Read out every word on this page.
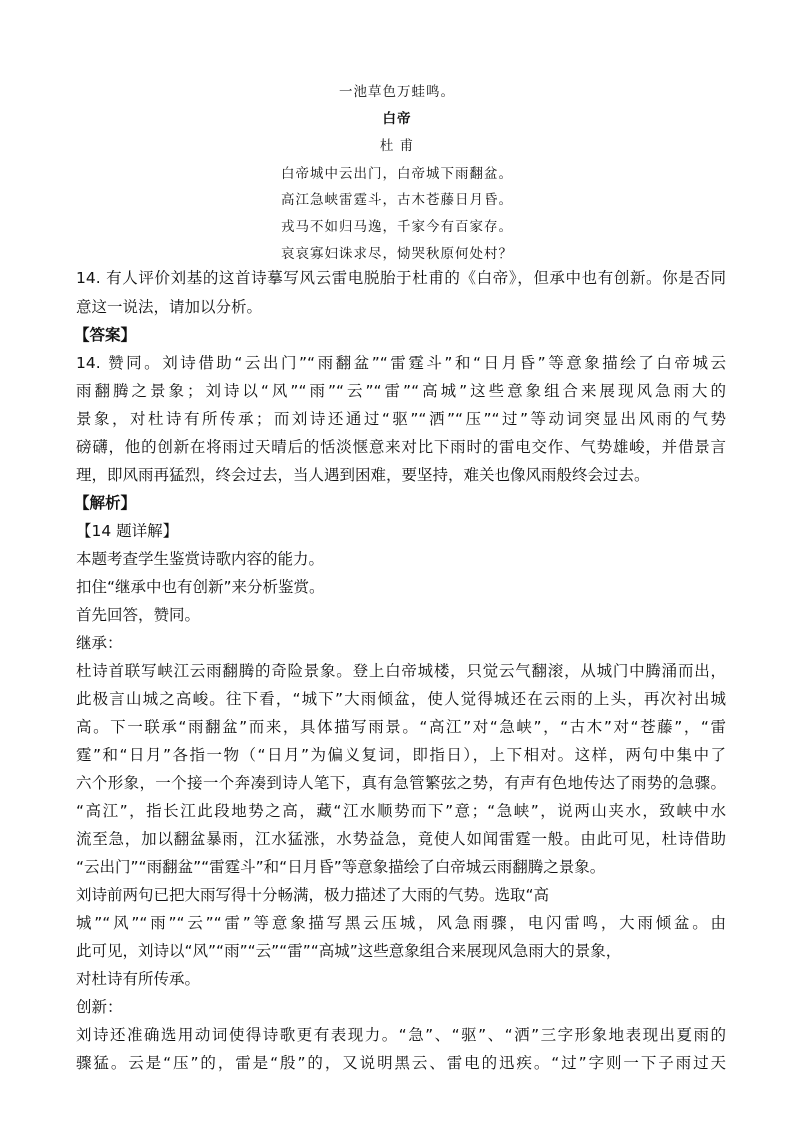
一池草色万蛙鸣。
白帝
杜 甫
白帝城中云出门，白帝城下雨翻盆。
高江急峡雷霆斗，古木苍藤日月昏。
戎马不如归马逸，千家今有百家存。
哀哀寡妇诛求尽，恸哭秋原何处村？
14. 有人评价刘基的这首诗摹写风云雷电脱胎于杜甫的《白帝》，但承中也有创新。你是否同
意这一说法，请加以分析。
【答案】
14. 赞同。刘诗借助“云出门”“雨翻盆”“雷霆斗”和“日月昏”等意象描绘了白帝城云
雨翻腾之景象；刘诗以“风”“雨”“云”“雷”“高城”这些意象组合来展现风急雨大的
景象，对杜诗有所传承；而刘诗还通过“驱”“洒”“压”“过”等动词突显出风雨的气势
磅礴，他的创新在将雨过天晴后的恬淡惬意来对比下雨时的雷电交作、气势雄峻，并借景言
理，即风雨再猛烈，终会过去，当人遇到困难，要坚持，难关也像风雨般终会过去。
【解析】
【14 题详解】
本题考查学生鉴赏诗歌内容的能力。
扣住“继承中也有创新”来分析鉴赏。
首先回答，赞同。
继承：
杜诗首联写峡江云雨翻腾的奇险景象。登上白帝城楼，只觉云气翻滚，从城门中腾涌而出，
此极言山城之高峻。往下看，“城下”大雨倾盆，使人觉得城还在云雨的上头，再次衬出城
高。下一联承“雨翻盆”而来，具体描写雨景。“高江”对“急峡”，“古木”对“苍藤”，“雷
霆”和“日月”各指一物（“日月”为偏义复词，即指日），上下相对。这样，两句中集中了
六个形象，一个接一个奔凑到诗人笔下，真有急管繁弦之势，有声有色地传达了雨势的急骤。
“高江”，指长江此段地势之高，藏“江水顺势而下”意；“急峡”，说两山夹水，致峡中水
流至急，加以翻盆暴雨，江水猛涨，水势益急，竟使人如闻雷霆一般。由此可见，杜诗借助
“云出门”“雨翻盆”“雷霆斗”和“日月昏”等意象描绘了白帝城云雨翻腾之景象。
刘诗前两句已把大雨写得十分畅满，极力描述了大雨的气势。选取“高
城”“风”“雨”“云”“雷”等意象描写黑云压城，风急雨骤，电闪雷鸣，大雨倾盆。由
此可见，刘诗以“风”“雨”“云”“雷”“高城”这些意象组合来展现风急雨大的景象，
对杜诗有所传承。
创新：
刘诗还准确选用动词使得诗歌更有表现力。“急”、“驱”、“洒”三字形象地表现出夏雨的
骤猛。云是“压”的，雷是“殷”的，又说明黑云、雷电的迅疾。“过”字则一下子雨过天
